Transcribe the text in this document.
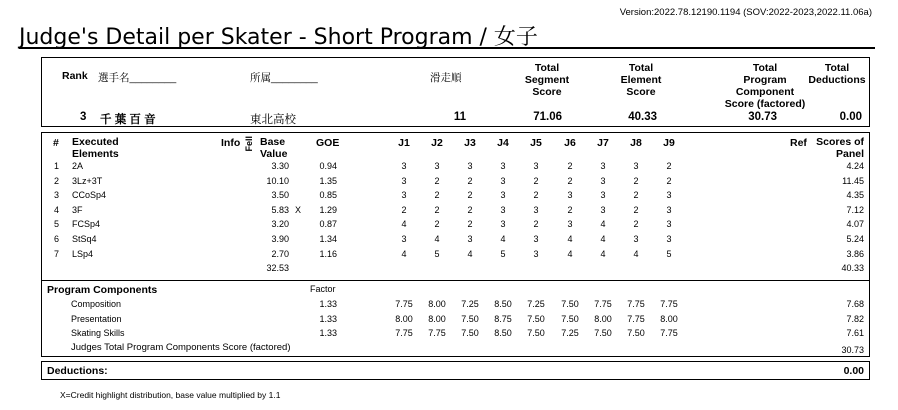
Version:2022.78.12190.1194 (SOV:2022-2023,2022.11.06a)
Judge's Detail per Skater - Short Program / 女子
Rank 選手名________	所属________	滑走順
Total
Segment
Score
Total
Element
Score
Total
Program
Component
Score (factored)
Total
Deductions
3 千 葉 百 音	東北高校	11	71.06	40.33	30.73	0.00
# Executed
Elements
Info Fell Base
Value
GOE	J1	J2	J3	J4	J5	J6	J7	J8	J9	Ref Scores of
Panel
1 2A	3.30	0.94	3	3	3	3	3	2	3	3	2	4.24
2 3Lz+3T	10.10	1.35	3	2	2	3	2	2	3	2	2	11.45
3 CCoSp4	3.50	0.85	3	2	2	3	2	3	3	2	3	4.35
4 3F	5.83 X	1.29	2	2	2	3	3	2	3	2	3	7.12
5 FCSp4	3.20	0.87	4	2	2	3	2	3	4	2	3	4.07
6 StSq4	3.90	1.34	3	4	3	4	3	4	4	3	3	5.24
7 LSp4	2.70	1.16	4	5	4	5	3	4	4	4	5	3.86
32.53	40.33
Program Components	Factor
Composition	1.33	7.75	8.00	7.25	8.50	7.25	7.50	7.75	7.75	7.75	7.68
Presentation	1.33	8.00	8.00	7.50	8.75	7.50	7.50	8.00	7.75	8.00	7.82
Skating Skills	1.33	7.75	7.75	7.50	8.50	7.50	7.25	7.50	7.50	7.75	7.61
Judges Total Program Components Score (factored)	30.73
Deductions:	0.00
X=Credit highlight distribution, base value multiplied by 1.1
